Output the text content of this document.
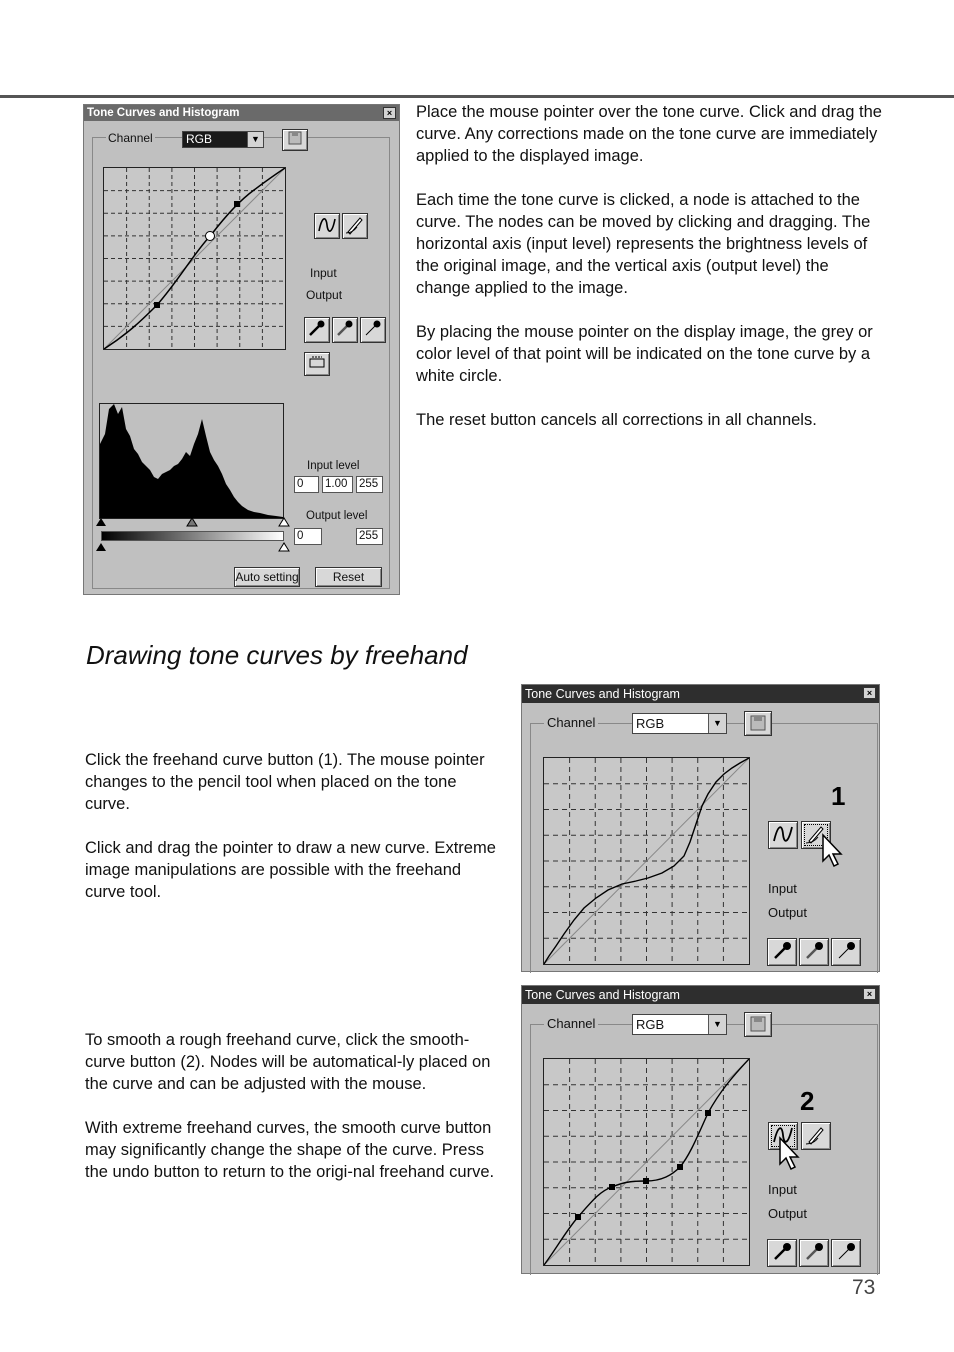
Tone Curves and Histogram	×
Channel	RGB	▼
Input
Output
Input level
0	1.00	255
Output level
0	255
Auto setting	Reset

Place the mouse pointer over the tone curve. Click and drag the curve. Any corrections made on the tone curve are immediately applied to the displayed image.

Each time the tone curve is clicked, a node is attached to the curve. The nodes can be moved by clicking and dragging. The horizontal axis (input level) represents the brightness levels of the original image, and the vertical axis (output level) the change applied to the image.

By placing the mouse pointer on the display image, the grey or color level of that point will be indicated on the tone curve by a white circle.

The reset button cancels all corrections in all channels.

Drawing tone curves by freehand

Click the freehand curve button (1). The mouse pointer changes to the pencil tool when placed on the tone curve.

Click and drag the pointer to draw a new curve. Extreme image manipulations are possible with the freehand curve tool.

To smooth a rough freehand curve, click the smooth-curve button (2). Nodes will be automatical-ly placed on the curve and can be adjusted with the mouse.

With extreme freehand curves, the smooth curve button may significantly change the shape of the curve. Press the undo button to return to the origi-nal freehand curve.

Tone Curves and Histogram	×
Channel	RGB	▼
1
Input
Output
Tone Curves and Histogram	×
Channel	RGB	▼
2
Input
Output
73
